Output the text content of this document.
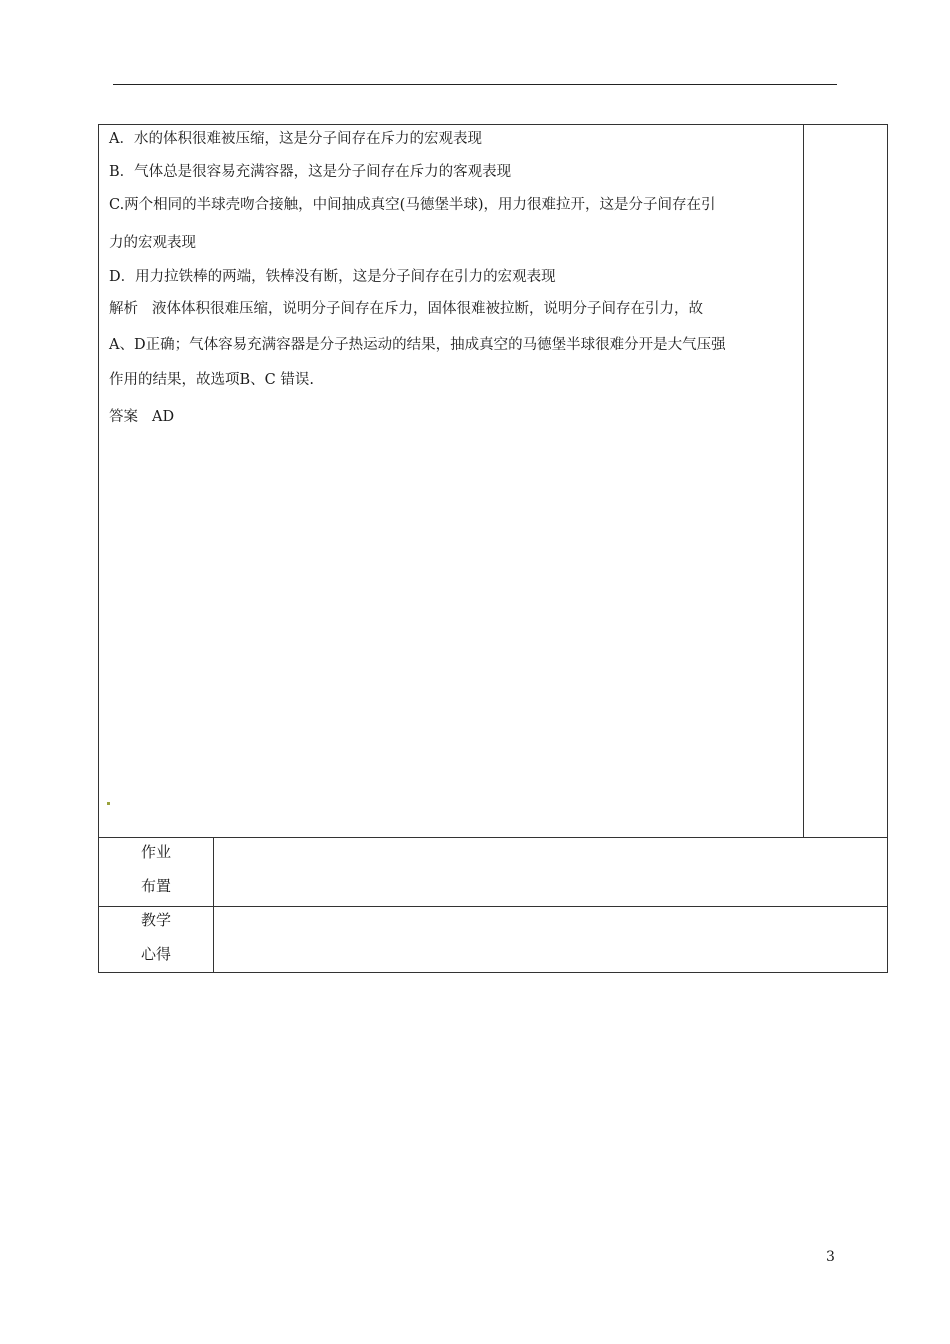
A．水的体积很难被压缩，这是分子间存在斥力的宏观表现
B．气体总是很容易充满容器，这是分子间存在斥力的客观表现
C.两个相同的半球壳吻合接触，中间抽成真空(马德堡半球)，用力很难拉开，这是分子间存在引
力的宏观表现
D．用力拉铁棒的两端，铁棒没有断，这是分子间存在引力的宏观表现
解析 液体体积很难压缩，说明分子间存在斥力，固体很难被拉断，说明分子间存在引力，故
A、D正确；气体容易充满容器是分子热运动的结果，抽成真空的马德堡半球很难分开是大气压强
作用的结果，故选项B、C 错误.
答案 AD
作业
布置
教学
心得
3
